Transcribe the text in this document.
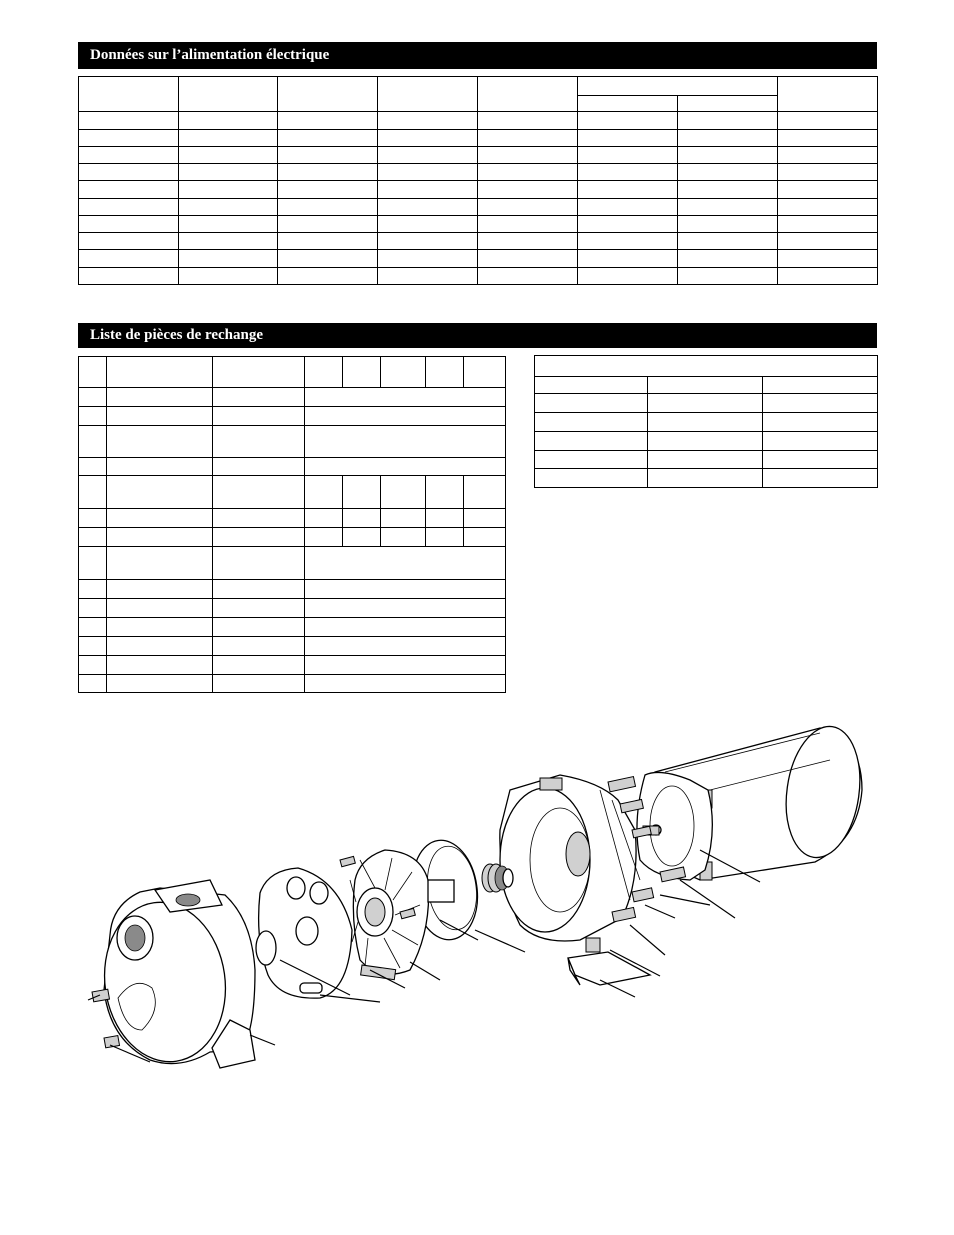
Données sur l’alimentation électrique

Liste de pièces de rechange
